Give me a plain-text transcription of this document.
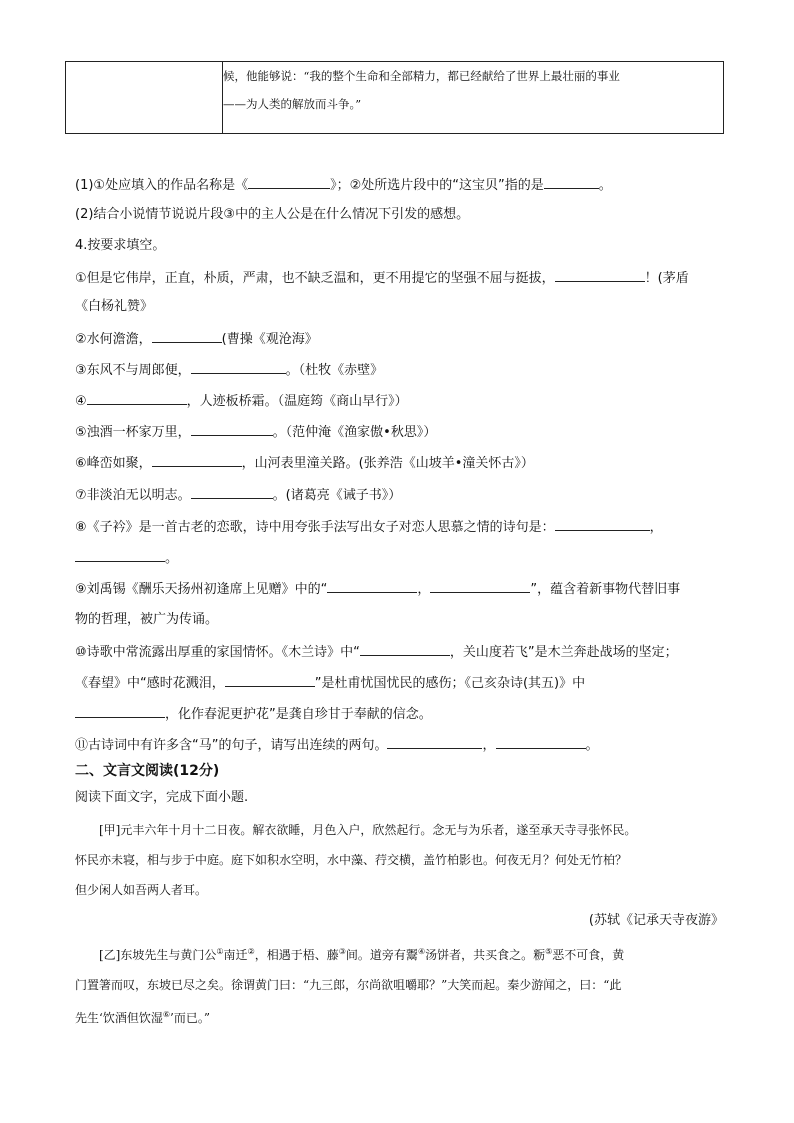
候，他能够说：“我的整个生命和全部精力，都已经献给了世界上最壮丽的事业
——为人类的解放而斗争。”
(1)①处应填入的作品名称是《	》；②处所选片段中的“这宝贝”指的是	。
(2)结合小说情节说说片段③中的主人公是在什么情况下引发的感想。
4.按要求填空。
①但是它伟岸，正直，朴质，严肃，也不缺乏温和，更不用提它的坚强不屈与挺拔，	！(茅盾
《白杨礼赞》
②水何澹澹，	(曹操《观沧海》
③东风不与周郎便，	。（杜牧《赤壁》
④	，人迹板桥霜。（温庭筠《商山早行》）
⑤浊酒一杯家万里，	。（范仲淹《渔家傲•秋思》）
⑥峰峦如聚，	，山河表里潼关路。(张养浩《山坡羊•潼关怀古》）
⑦非淡泊无以明志。	。(诸葛亮《诫子书》）
⑧《子衿》是一首古老的恋歌，诗中用夸张手法写出女子对恋人思慕之情的诗句是：	，
。
⑨刘禹锡《酬乐天扬州初逢席上见赠》中的“	，	”，蕴含着新事物代替旧事
物的哲理，被广为传诵。
⑩诗歌中常流露出厚重的家国情怀。《木兰诗》中“	，关山度若飞”是木兰奔赴战场的坚定；
《春望》中“感时花溅泪，	”是杜甫忧国忧民的感伤；《己亥杂诗(其五)》中
，化作春泥更护花”是龚自珍甘于奉献的信念。
⑪古诗词中有许多含“马”的句子，请写出连续的两句。	，	。
二、文言文阅读(12分)
阅读下面文字，完成下面小题.
[甲]元丰六年十月十二日夜。解衣欲睡，月色入户，欣然起行。念无与为乐者，遂至承天寺寻张怀民。
怀民亦未寝，相与步于中庭。庭下如积水空明，水中藻、荇交横，盖竹柏影也。何夜无月？何处无竹柏？
但少闲人如吾两人者耳。
(苏轼《记承天寺夜游》
[乙]东坡先生与黄门公①南迁②，相遇于梧、藤③间。道旁有鬻④汤饼者，共买食之。粝⑤恶不可食，黄
门置箸而叹，东坡已尽之矣。徐谓黄门曰：“九三郎，尔尚欲咀嚼耶？”大笑而起。秦少游闻之，曰：“此
先生‘饮酒但饮湿⑥’而已。”
